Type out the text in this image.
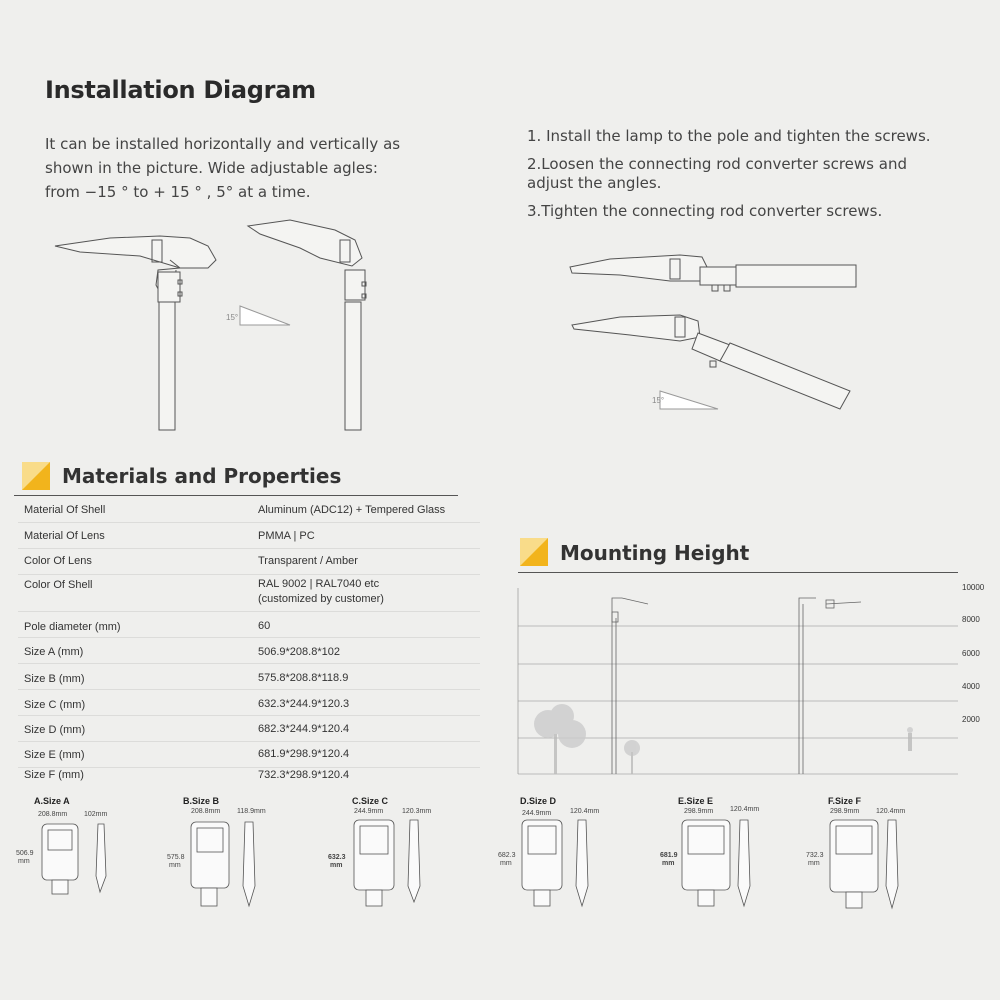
Installation Diagram
It can be installed horizontally and vertically as
shown in the picture. Wide adjustable agles:
from −15 ° to + 15 ° , 5° at a time.
1. Install the lamp to the pole and tighten the screws.
2.Loosen the connecting rod converter screws and
adjust the angles.
3.Tighten the connecting rod converter screws.
15°
15°
Materials and Properties
Material Of Shell	Aluminum (ADC12) + Tempered Glass
Material Of Lens	PMMA | PC
Color Of Lens	Transparent / Amber
Color Of Shell	RAL 9002 | RAL7040 etc
(customized by customer)
Pole diameter (mm)	60
Size A (mm)	506.9*208.8*102
Size B (mm)	575.8*208.8*118.9
Size C (mm)	632.3*244.9*120.3
Size D (mm)	682.3*244.9*120.4
Size E (mm)	681.9*298.9*120.4
Size F (mm)	732.3*298.9*120.4
Mounting Height
10000
8000
6000
4000
2000
A.Size A
208.8mm 102mm
506.9
mm
B.Size B
208.8mm 118.9mm
575.8
mm
C.Size C
244.9mm	120.3mm
632.3
mm
D.Size D
244.9mm	120.4mm
682.3
mm
E.Size E
298.9mm 120.4mm
681.9
mm
F.Size F
298.9mm 120.4mm
732.3
mm
